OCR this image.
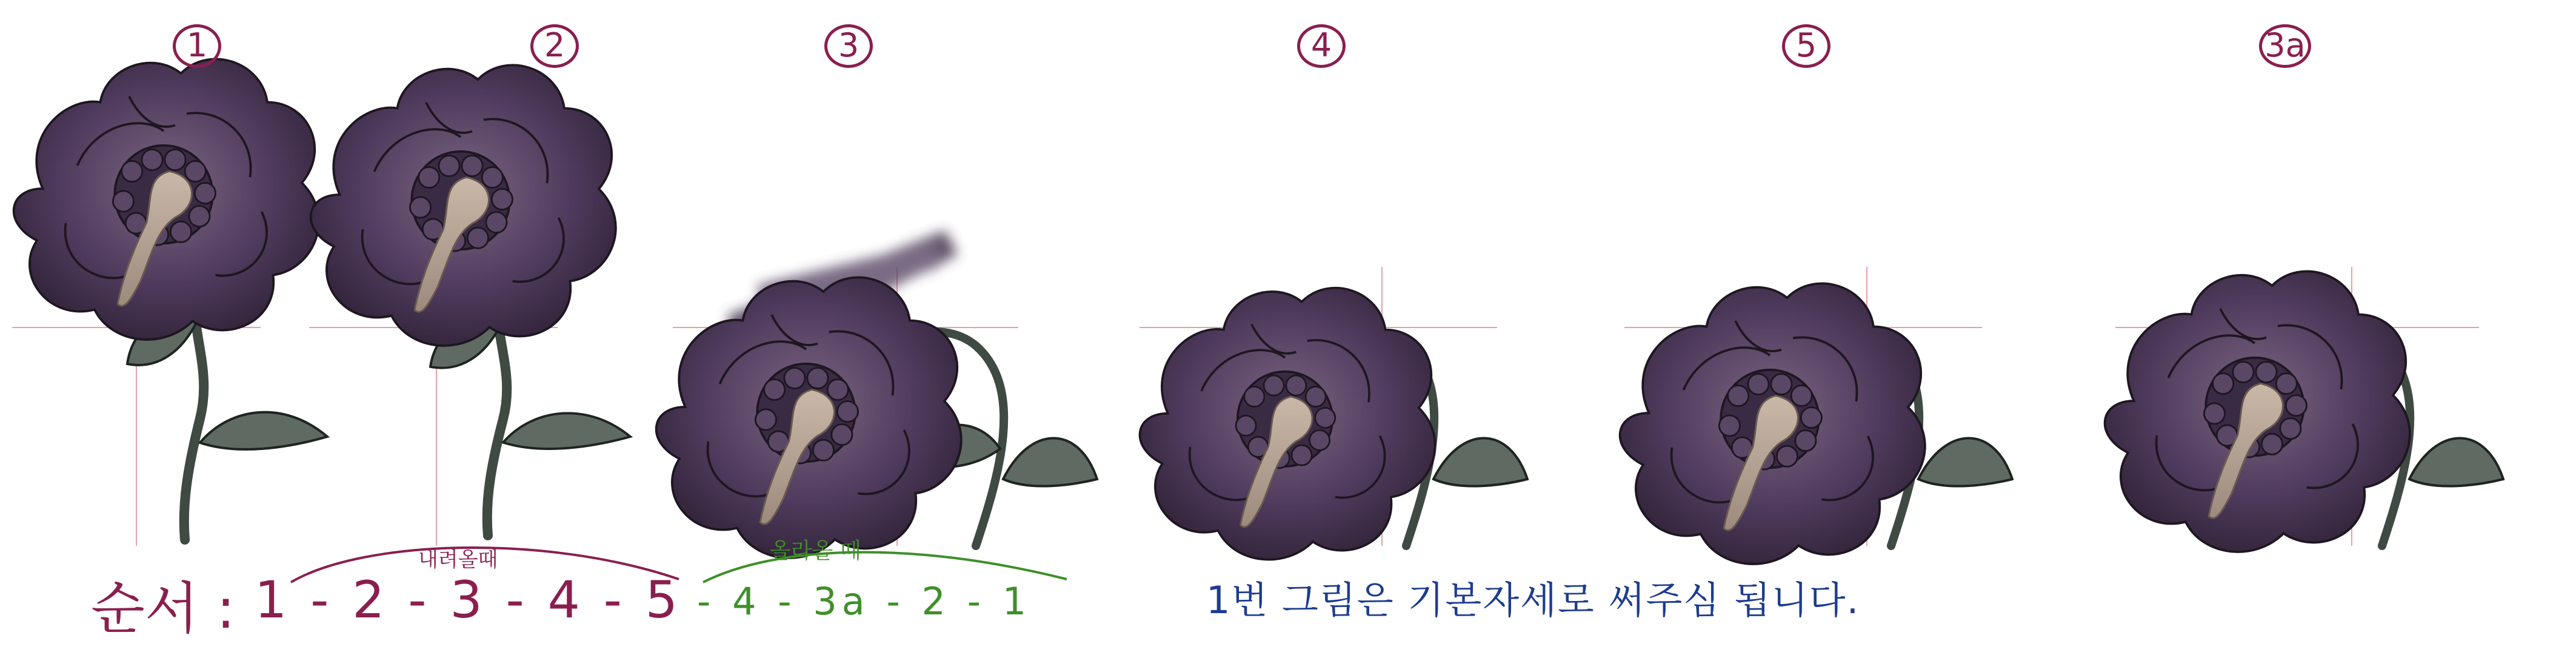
1	2	3	4	5	3a
순서 :
내려올때
1 - 2 - 3 - 4 - 5
올라올 때
- 4 - 3a - 2 - 1	1번 그림은 기본자세로 써주심 됩니다.
